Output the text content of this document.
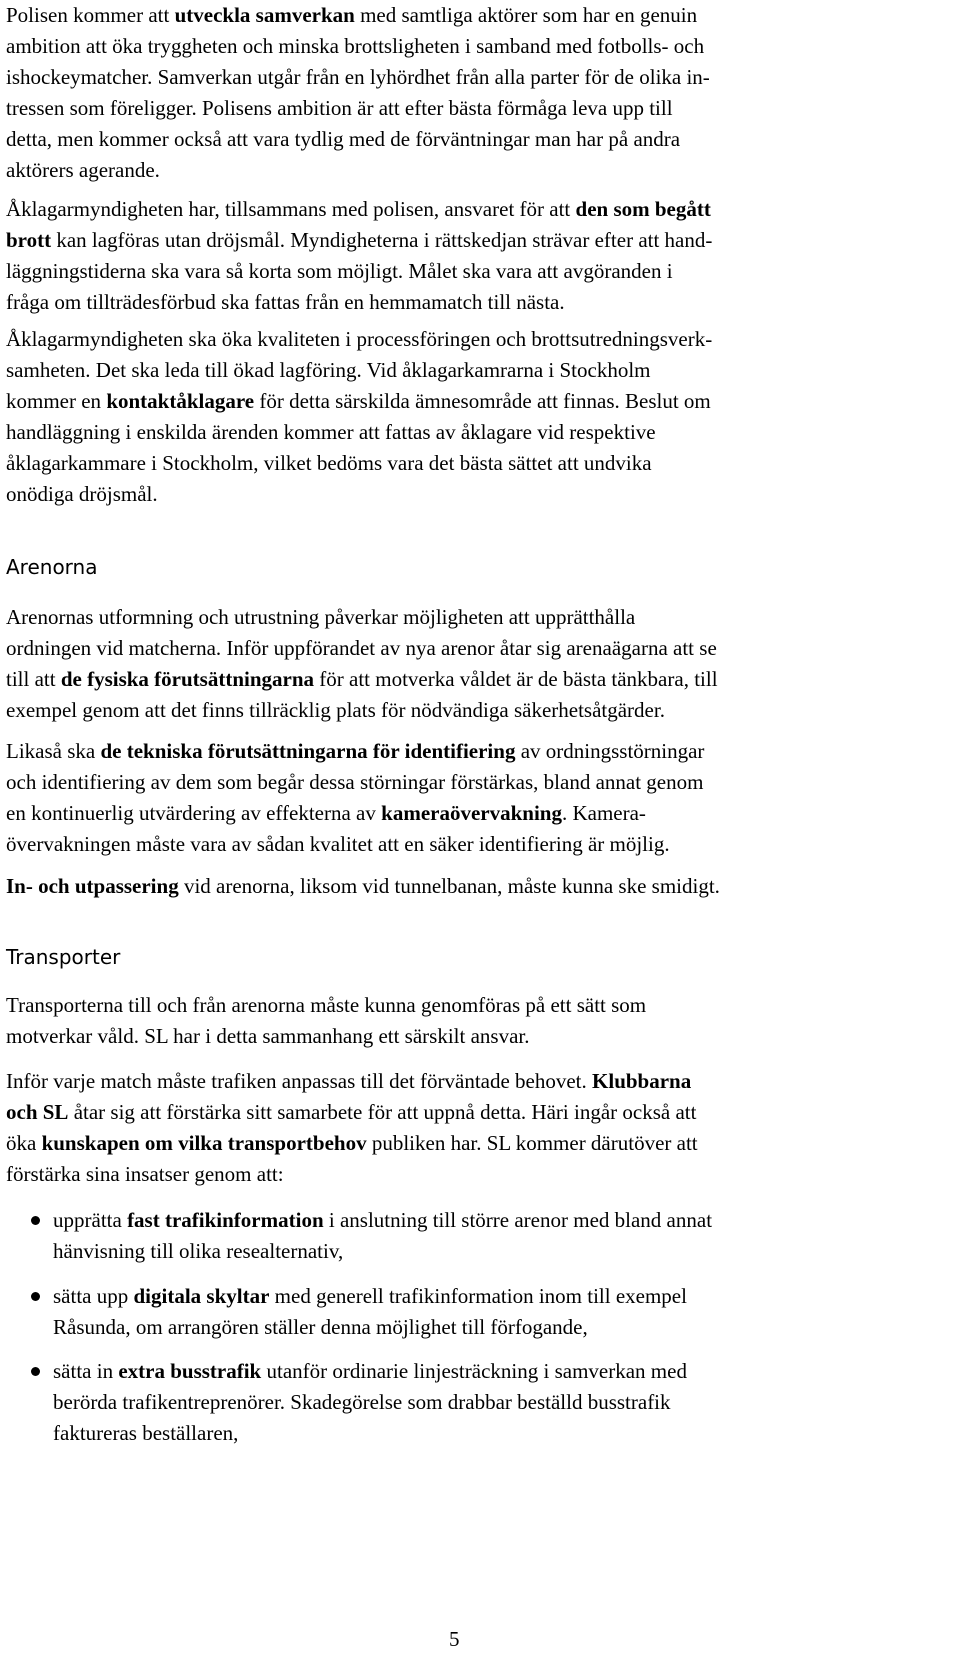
Polisen kommer att utveckla samverkan med samtliga aktörer som har en genuin
ambition att öka tryggheten och minska brottsligheten i samband med fotbolls- och
ishockeymatcher. Samverkan utgår från en lyhördhet från alla parter för de olika in-
tressen som föreligger. Polisens ambition är att efter bästa förmåga leva upp till
detta, men kommer också att vara tydlig med de förväntningar man har på andra
aktörers agerande.

Åklagarmyndigheten har, tillsammans med polisen, ansvaret för att den som begått
brott kan lagföras utan dröjsmål. Myndigheterna i rättskedjan strävar efter att hand-
läggningstiderna ska vara så korta som möjligt. Målet ska vara att avgöranden i
fråga om tillträdesförbud ska fattas från en hemmamatch till nästa.

Åklagarmyndigheten ska öka kvaliteten i processföringen och brottsutredningsverk-
samheten. Det ska leda till ökad lagföring. Vid åklagarkamrarna i Stockholm
kommer en kontaktåklagare för detta särskilda ämnesområde att finnas. Beslut om
handläggning i enskilda ärenden kommer att fattas av åklagare vid respektive
åklagarkammare i Stockholm, vilket bedöms vara det bästa sättet att undvika
onödiga dröjsmål.

Arenorna

Arenornas utformning och utrustning påverkar möjligheten att upprätthålla
ordningen vid matcherna. Inför uppförandet av nya arenor åtar sig arenaägarna att se
till att de fysiska förutsättningarna för att motverka våldet är de bästa tänkbara, till
exempel genom att det finns tillräcklig plats för nödvändiga säkerhetsåtgärder.

Likaså ska de tekniska förutsättningarna för identifiering av ordningsstörningar
och identifiering av dem som begår dessa störningar förstärkas, bland annat genom
en kontinuerlig utvärdering av effekterna av kameraövervakning. Kamera-
övervakningen måste vara av sådan kvalitet att en säker identifiering är möjlig.

In- och utpassering vid arenorna, liksom vid tunnelbanan, måste kunna ske smidigt.

Transporter

Transporterna till och från arenorna måste kunna genomföras på ett sätt som
motverkar våld. SL har i detta sammanhang ett särskilt ansvar.

Inför varje match måste trafiken anpassas till det förväntade behovet. Klubbarna
och SL åtar sig att förstärka sitt samarbete för att uppnå detta. Häri ingår också att
öka kunskapen om vilka transportbehov publiken har. SL kommer därutöver att
förstärka sina insatser genom att:

upprätta fast trafikinformation i anslutning till större arenor med bland annat
hänvisning till olika resealternativ,
sätta upp digitala skyltar med generell trafikinformation inom till exempel
Råsunda, om arrangören ställer denna möjlighet till förfogande,
sätta in extra busstrafik utanför ordinarie linjesträckning i samverkan med
berörda trafikentreprenörer. Skadegörelse som drabbar beställd busstrafik
faktureras beställaren,
5
